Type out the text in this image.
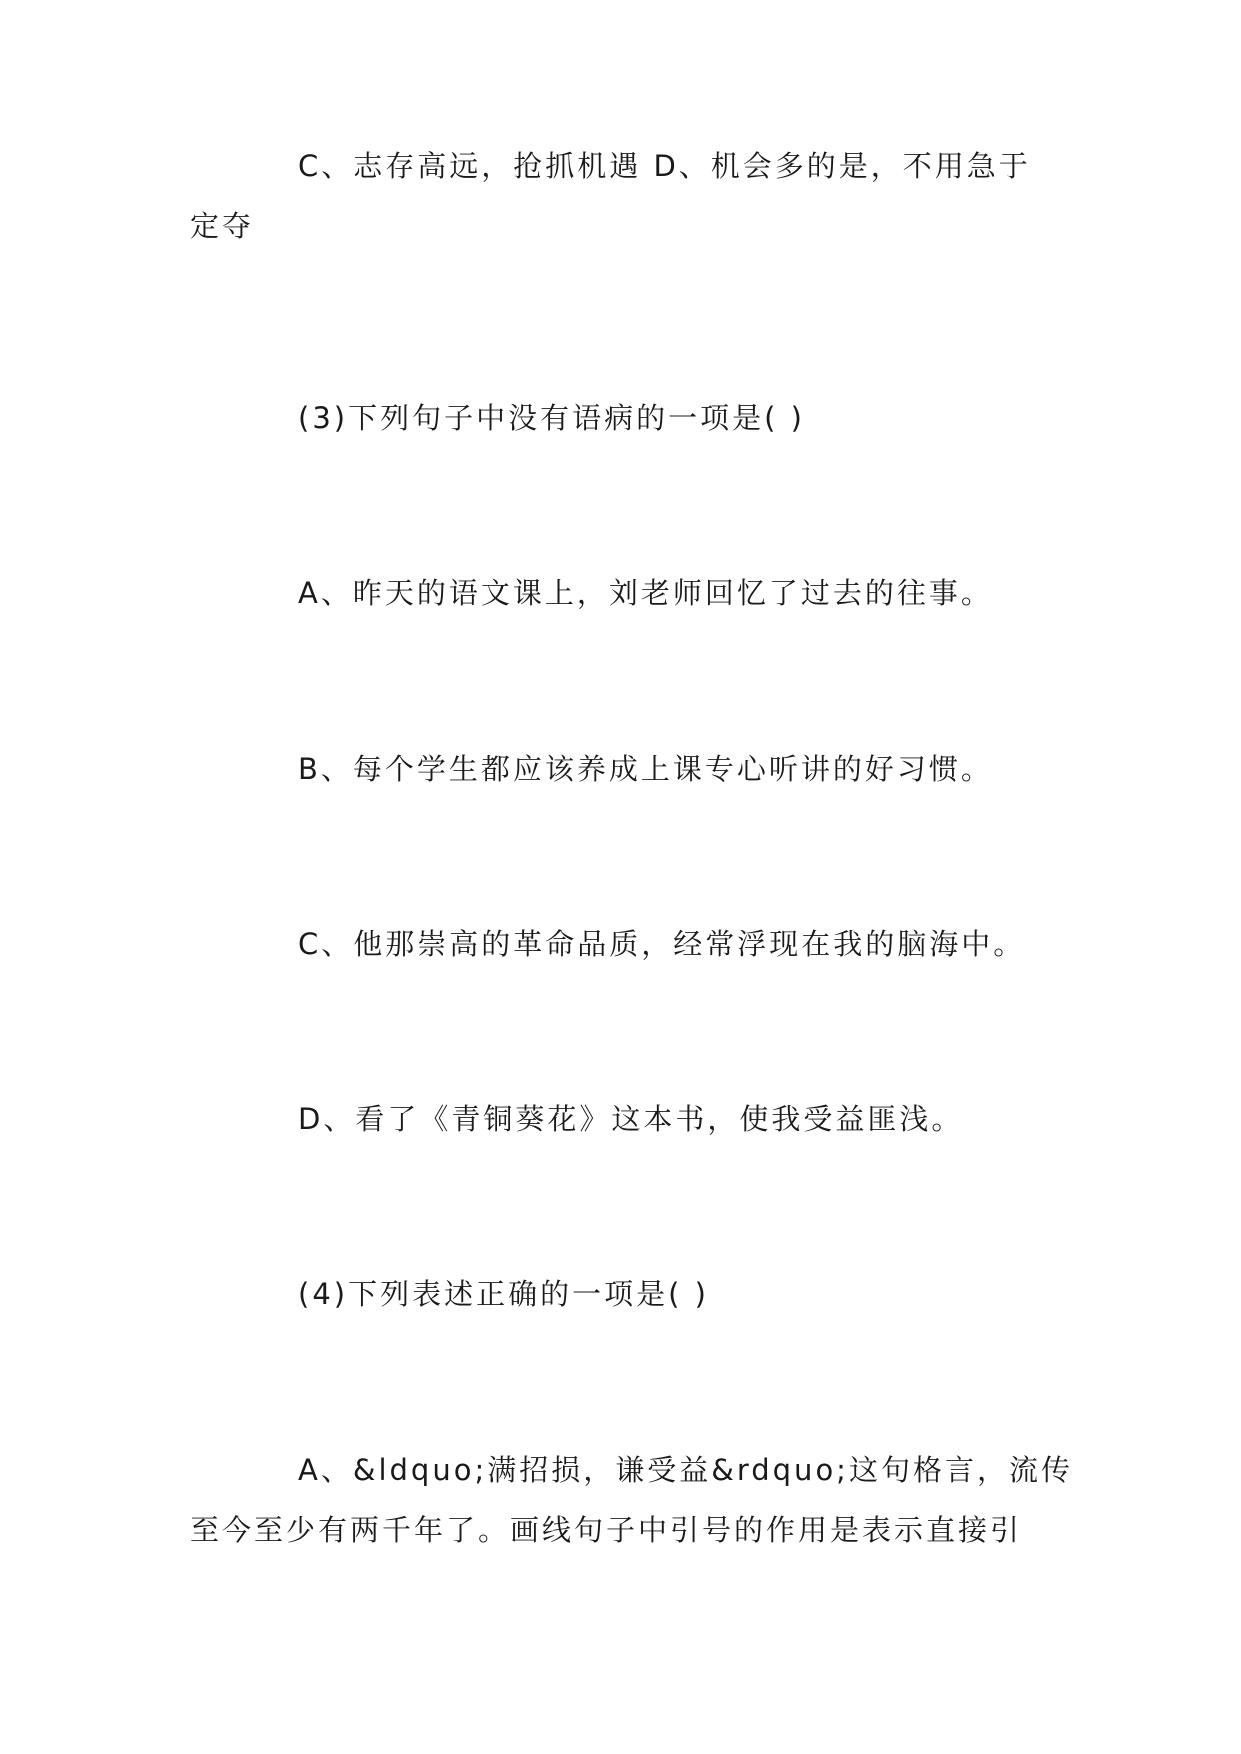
C、志存高远，抢抓机遇 D、机会多的是，不用急于
定夺
(3)下列句子中没有语病的一项是( )
A、昨天的语文课上，刘老师回忆了过去的往事。
B、每个学生都应该养成上课专心听讲的好习惯。
C、他那崇高的革命品质，经常浮现在我的脑海中。
D、看了《青铜葵花》这本书，使我受益匪浅。
(4)下列表述正确的一项是( )
A、&ldquo;满招损，谦受益&rdquo;这句格言，流传
至今至少有两千年了。画线句子中引号的作用是表示直接引
